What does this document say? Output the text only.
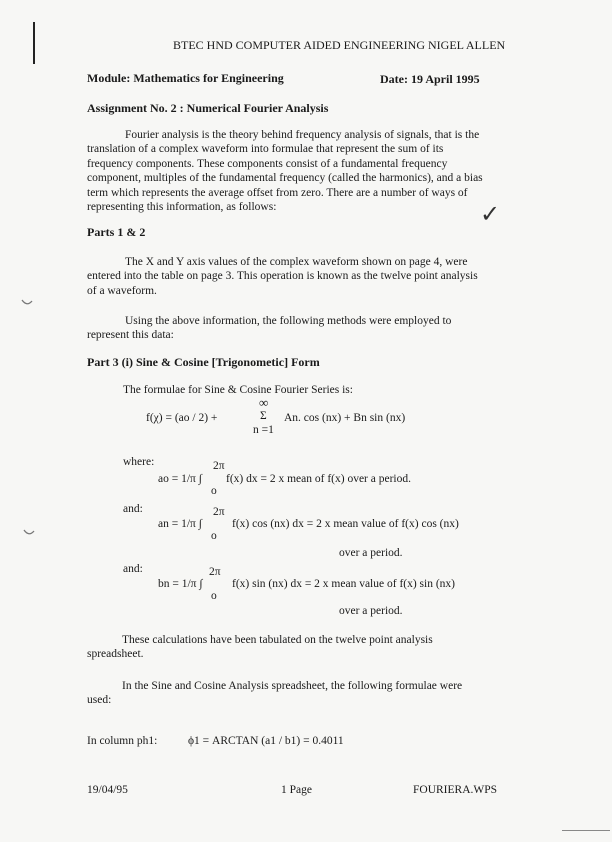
BTEC HND COMPUTER AIDED ENGINEERING NIGEL ALLEN
Module: Mathematics for Engineering	Date: 19 April 1995
Assignment No. 2 : Numerical Fourier Analysis
Fourier analysis is the theory behind frequency analysis of signals, that is the
translation of a complex waveform into formulae that represent the sum of its
frequency components. These components consist of a fundamental frequency
component, multiples of the fundamental frequency (called the harmonics), and a bias
term which represents the average offset from zero. There are a number of ways of
representing this information, as follows:	✓
Parts 1 & 2
The X and Y axis values of the complex waveform shown on page 4, were
entered into the table on page 3. This operation is known as the twelve point analysis
of a waveform.
Using the above information, the following methods were employed to
represent this data:
Part 3 (i) Sine & Cosine [Trigonometic] Form
The formulae for Sine & Cosine Fourier Series is:
f(χ) = (ao / 2) +
∞
Σ
n =1
An. cos (nx) + Bn sin (nx)
where:	2π
ao = 1/π ∫ f(x) dx = 2 x mean of f(x) over a period.
o
and:	2π
an = 1/π ∫	f(x) cos (nx) dx = 2 x mean value of f(x) cos (nx)
o
over a period.
and:	2π
bn = 1/π ∫	f(x) sin (nx) dx = 2 x mean value of f(x) sin (nx)
o
over a period.
These calculations have been tabulated on the twelve point analysis
spreadsheet.
In the Sine and Cosine Analysis spreadsheet, the following formulae were
used:
In column ph1:	ϕ1 = ARCTAN (a1 / b1) = 0.4011
19/04/95	1 Page	FOURIERA.WPS
